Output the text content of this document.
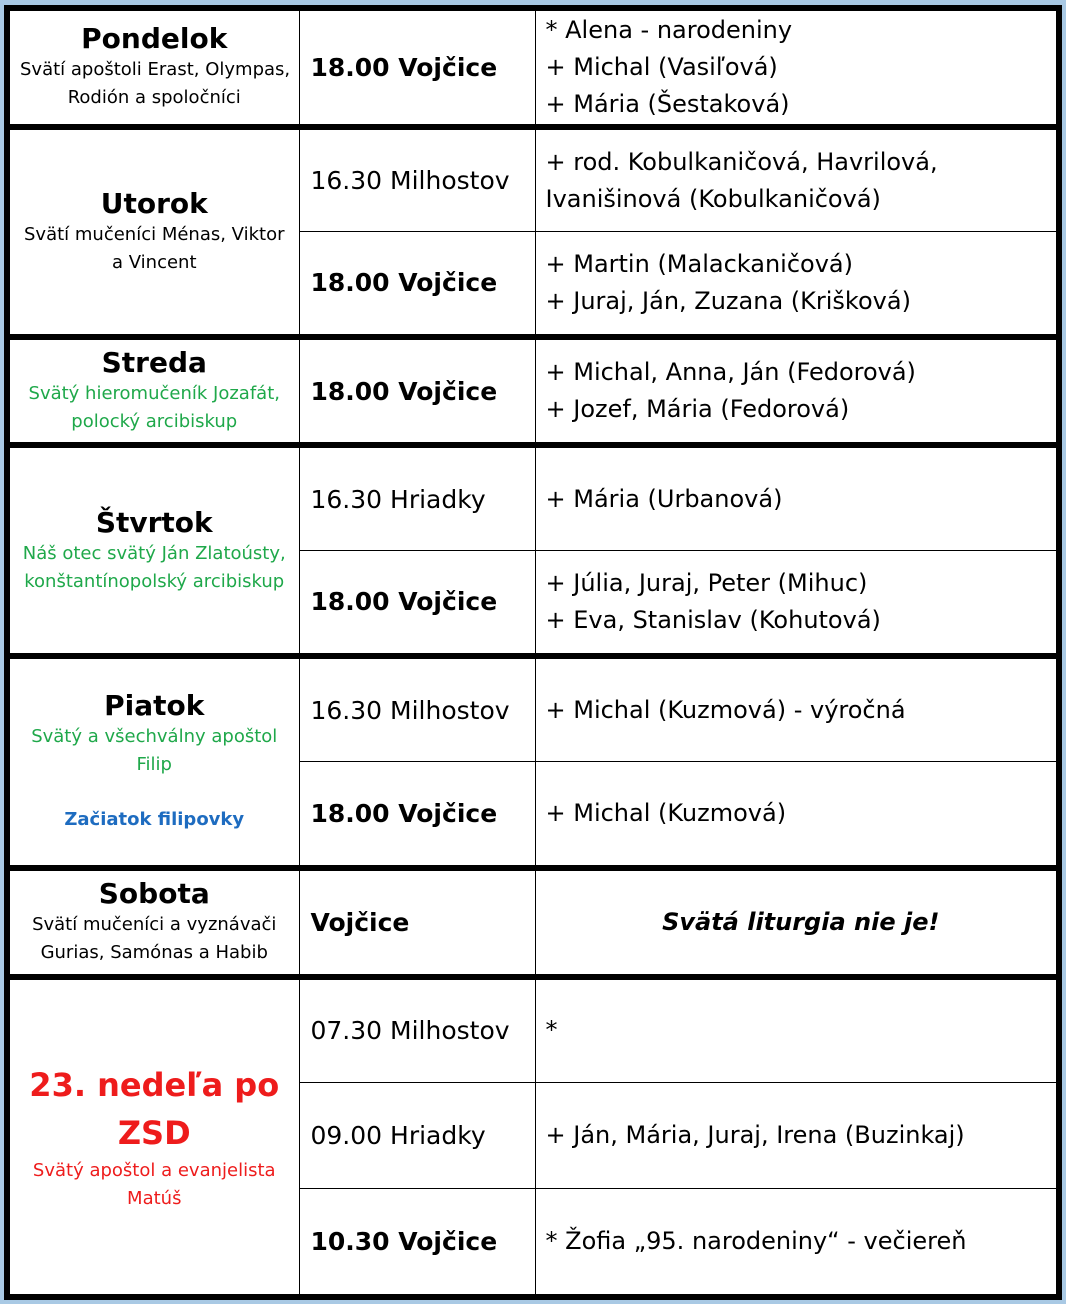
Pondelok
Svätí apoštoli Erast, Olympas,
Rodión a spoločníci	18.00 Vojčice	* Alena - narodeniny
+ Michal (Vasiľová)
+ Mária (Šestaková)

Utorok
Svätí mučeníci Ménas, Viktor
a Vincent	16.30 Milhostov	+ rod. Kobulkaničová, Havrilová,
Ivanišinová (Kobulkaničová)

	18.00 Vojčice	+ Martin (Malackaničová)
+ Juraj, Ján, Zuzana (Krišková)

Streda
Svätý hieromučeník Jozafát,
polocký arcibiskup	18.00 Vojčice	+ Michal, Anna, Ján (Fedorová)
+ Jozef, Mária (Fedorová)

Štvrtok
Náš otec svätý Ján Zlatoústy,
konštantínopolský arcibiskup	16.30 Hriadky	+ Mária (Urbanová)

	18.00 Vojčice	+ Júlia, Juraj, Peter (Mihuc)
+ Eva, Stanislav (Kohutová)

Piatok
Svätý a všechválny apoštol
Filip
Začiatok filipovky	16.30 Milhostov	+ Michal (Kuzmová) - výročná

	18.00 Vojčice	+ Michal (Kuzmová)

Sobota
Svätí mučeníci a vyznávači
Gurias, Samónas a Habib	Vojčice	Svätá liturgia nie je!

23. nedeľa po
ZSD
Svätý apoštol a evanjelista
Matúš	07.30 Milhostov	*

	09.00 Hriadky	+ Ján, Mária, Juraj, Irena (Buzinkaj)

	10.30 Vojčice	* Žofia „95. narodeniny“ - večiereň
